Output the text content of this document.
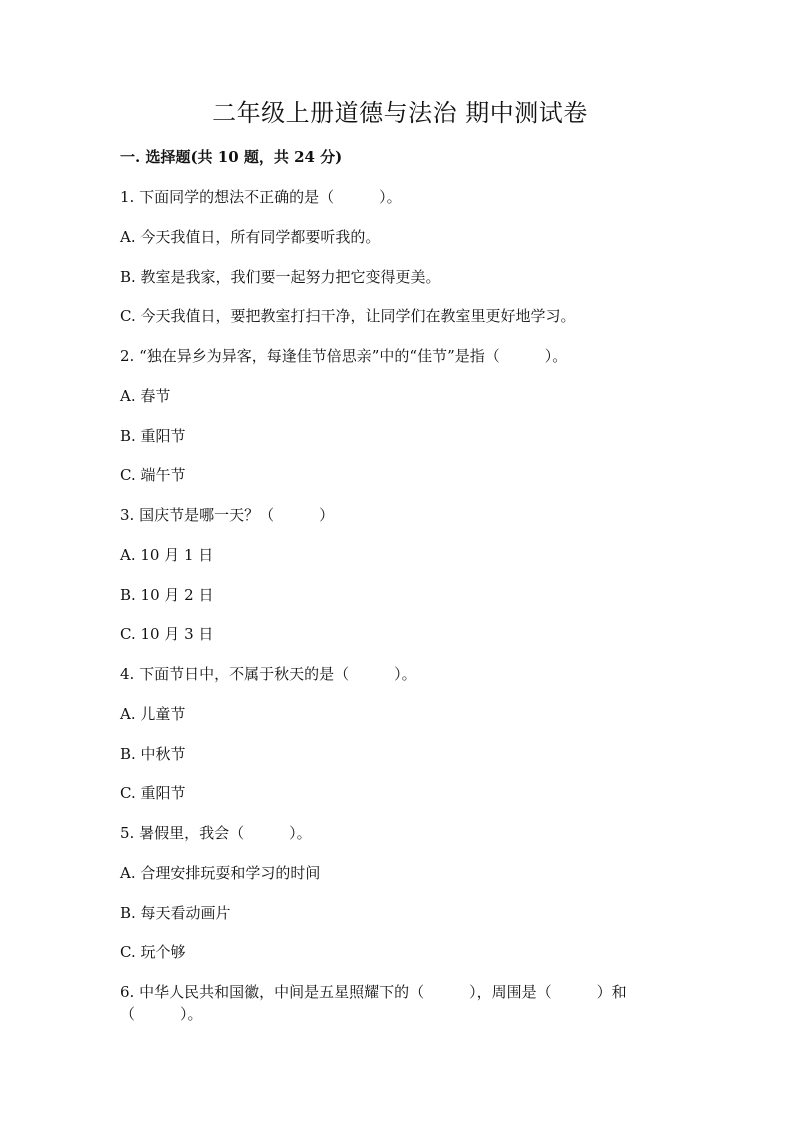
二年级上册道德与法治 期中测试卷
一. 选择题(共 10 题，共 24 分)
1. 下面同学的想法不正确的是（　　　）。
A. 今天我值日，所有同学都要听我的。
B. 教室是我家，我们要一起努力把它变得更美。
C. 今天我值日，要把教室打扫干净，让同学们在教室里更好地学习。
2. “独在异乡为异客，每逢佳节倍思亲”中的“佳节”是指（　　　）。
A. 春节
B. 重阳节
C. 端午节
3. 国庆节是哪一天？（　　　）
A. 10 月 1 日
B. 10 月 2 日
C. 10 月 3 日
4. 下面节日中，不属于秋天的是（　　　）。
A. 儿童节
B. 中秋节
C. 重阳节
5. 暑假里，我会（　　　）。
A. 合理安排玩耍和学习的时间
B. 每天看动画片
C. 玩个够
6. 中华人民共和国徽，中间是五星照耀下的（　　　），周围是（　　　）和
（　　　）。
